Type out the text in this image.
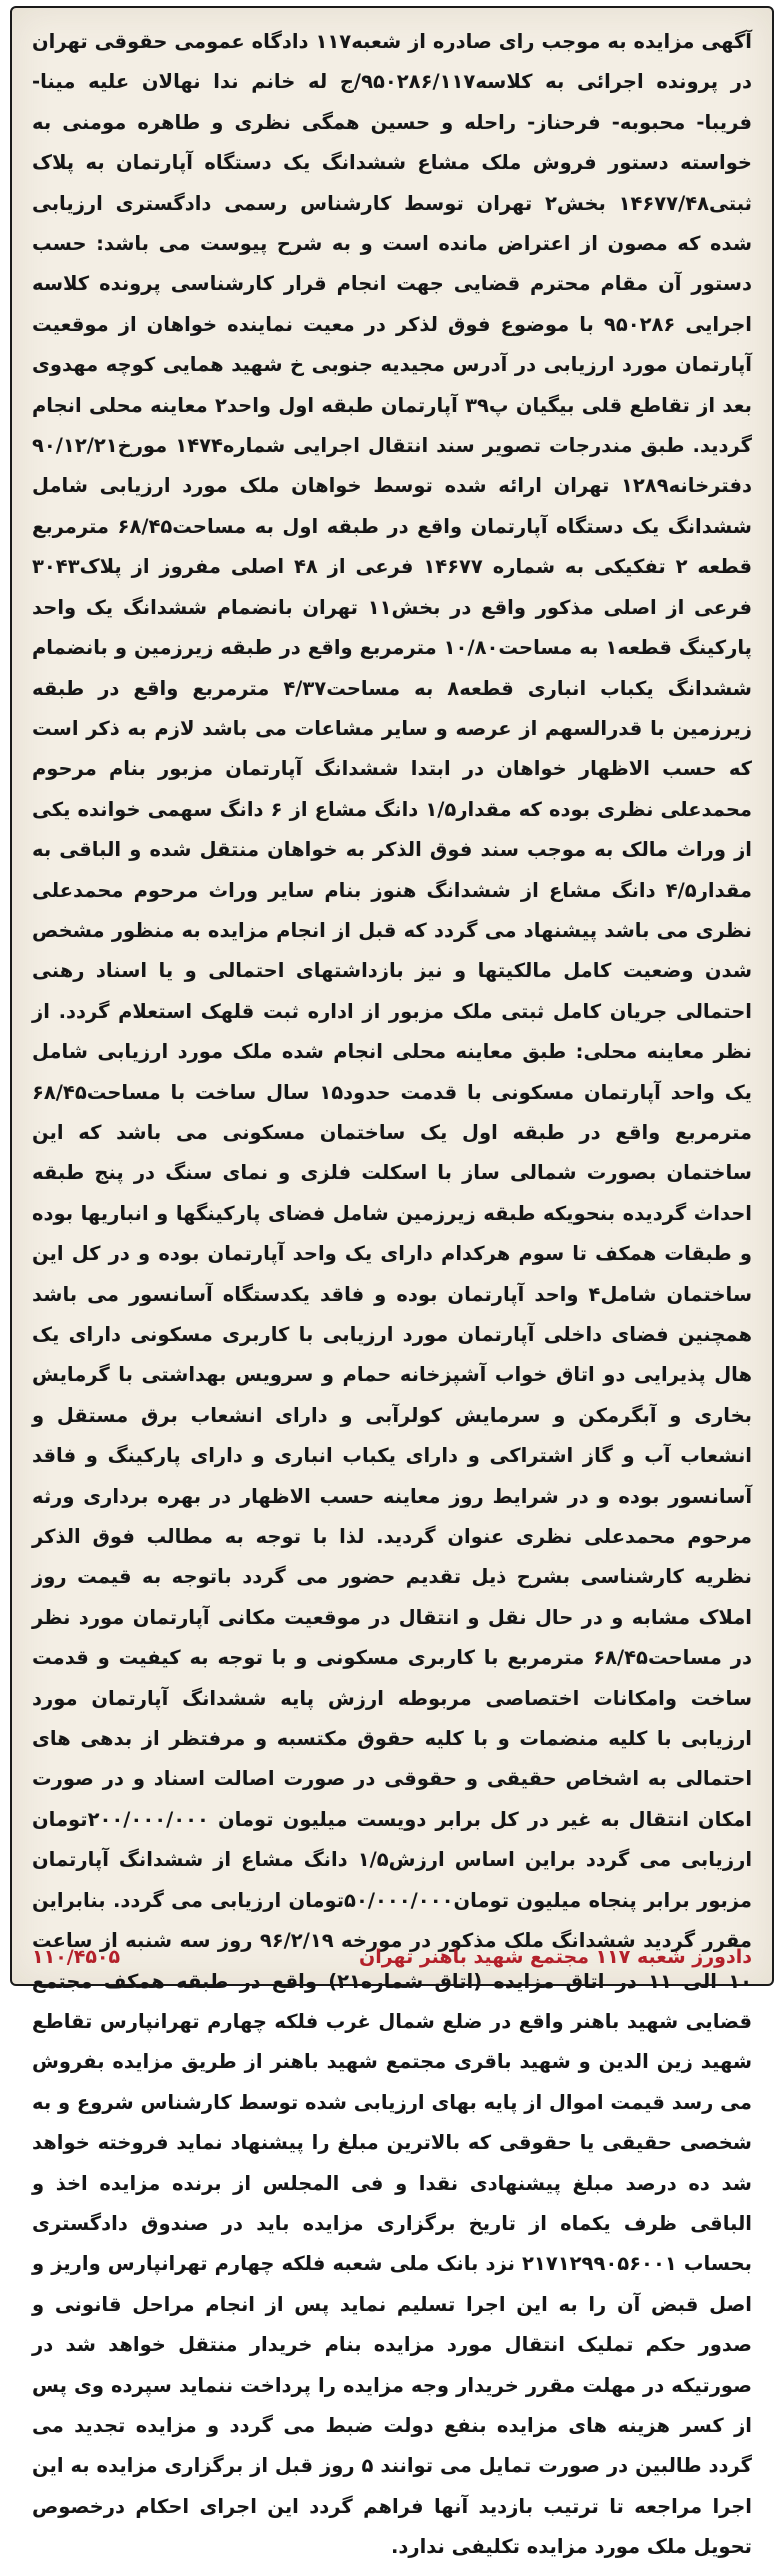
آگهی مزایده به موجب رای صادره از شعبه۱۱۷ دادگاه عمومی حقوقی تهران در پرونده اجرائی به کلاسه۹۵۰۲۸۶/۱۱۷/ج له خانم ندا نهالان علیه مینا- فریبا- محبوبه- فرحناز- راحله و حسین همگی نظری و طاهره مومنی به خواسته دستور فروش ملک مشاع ششدانگ یک دستگاه آپارتمان به پلاک ثبتی۱۴۶۷۷/۴۸ بخش۲ تهران توسط کارشناس رسمی دادگستری ارزیابی شده که مصون از اعتراض مانده است و به شرح پیوست می باشد: حسب دستور آن مقام محترم قضایی جهت انجام قرار کارشناسی پرونده کلاسه اجرایی ۹۵۰۲۸۶ با موضوع فوق لذکر در معیت نماینده خواهان از موقعیت آپارتمان مورد ارزیابی در آدرس مجیدیه جنوبی خ شهید همایی کوچه مهدوی بعد از تقاطع قلی بیگیان پ۳۹ آپارتمان طبقه اول واحد۲ معاینه محلی انجام گردید. طبق مندرجات تصویر سند انتقال اجرایی شماره۱۴۷۴ مورخ۹۰/۱۲/۲۱ دفترخانه۱۲۸۹ تهران ارائه شده توسط خواهان ملک مورد ارزیابی شامل ششدانگ یک دستگاه آپارتمان واقع در طبقه اول به مساحت۶۸/۴۵ مترمربع قطعه ۲ تفکیکی به شماره ۱۴۶۷۷ فرعی از ۴۸ اصلی مفروز از پلاک۳۰۴۳ فرعی از اصلی مذکور واقع در بخش۱۱ تهران بانضمام ششدانگ یک واحد پارکینگ قطعه۱ به مساحت۱۰/۸۰ مترمربع واقع در طبقه زیرزمین و بانضمام ششدانگ یکباب انباری قطعه۸ به مساحت۴/۳۷ مترمربع واقع در طبقه زیرزمین با قدرالسهم از عرصه و سایر مشاعات می باشد لازم به ذکر است که حسب الاظهار خواهان در ابتدا ششدانگ آپارتمان مزبور بنام مرحوم محمدعلی نظری بوده که مقدار۱/۵ دانگ مشاع از ۶ دانگ سهمی خوانده یکی از وراث مالک به موجب سند فوق الذکر به خواهان منتقل شده و الباقی به مقدار۴/۵ دانگ مشاع از ششدانگ هنوز بنام سایر وراث مرحوم محمدعلی نظری می باشد پیشنهاد می گردد که قبل از انجام مزایده به منظور مشخص شدن وضعیت کامل مالکیتها و نیز بازداشتهای احتمالی و یا اسناد رهنی احتمالی جریان کامل ثبتی ملک مزبور از اداره ثبت قلهک استعلام گردد. از نظر معاینه محلی: طبق معاینه محلی انجام شده ملک مورد ارزیابی شامل یک واحد آپارتمان مسکونی با قدمت حدود۱۵ سال ساخت با مساحت۶۸/۴۵ مترمربع واقع در طبقه اول یک ساختمان مسکونی می باشد که این ساختمان بصورت شمالی ساز با اسکلت فلزی و نمای سنگ در پنج طبقه احداث گردیده بنحویکه طبقه زیرزمین شامل فضای پارکینگها و انباریها بوده و طبقات همکف تا سوم هرکدام دارای یک واحد آپارتمان بوده و در کل این ساختمان شامل۴ واحد آپارتمان بوده و فاقد یکدستگاه آسانسور می باشد همچنین فضای داخلی آپارتمان مورد ارزیابی با کاربری مسکونی دارای یک هال پذیرایی دو اتاق خواب آشپزخانه حمام و سرویس بهداشتی با گرمایش بخاری و آبگرمکن و سرمایش کولرآبی و دارای انشعاب برق مستقل و انشعاب آب و گاز اشتراکی و دارای یکباب انباری و دارای پارکینگ و فاقد آسانسور بوده و در شرایط روز معاینه حسب الاظهار در بهره برداری ورثه مرحوم محمدعلی نظری عنوان گردید. لذا با توجه به مطالب فوق الذکر نظریه کارشناسی بشرح ذیل تقدیم حضور می گردد باتوجه به قیمت روز املاک مشابه و در حال نقل و انتقال در موقعیت مکانی آپارتمان مورد نظر در مساحت۶۸/۴۵ مترمربع با کاربری مسکونی و با توجه به کیفیت و قدمت ساخت وامکانات اختصاصی مربوطه ارزش پایه ششدانگ آپارتمان مورد ارزیابی با کلیه منضمات و با کلیه حقوق مکتسبه و مرفتظر از بدهی های احتمالی به اشخاص حقیقی و حقوقی در صورت اصالت اسناد و در صورت امکان انتقال به غیر در کل برابر دویست میلیون تومان ۲۰۰/۰۰۰/۰۰۰تومان ارزیابی می گردد براین اساس ارزش۱/۵ دانگ مشاع از ششدانگ آپارتمان مزبور برابر پنجاه میلیون تومان۵۰/۰۰۰/۰۰۰تومان ارزیابی می گردد. بنابراین مقرر گردید ششدانگ ملک مذکور در مورخه ۹۶/۲/۱۹ روز سه شنبه از ساعت ۱۰ الی ۱۱ در اتاق مزایده (اتاق شماره۲۱) واقع در طبقه همکف مجتمع قضایی شهید باهنر واقع در ضلع شمال غرب فلکه چهارم تهرانپارس تقاطع شهید زین الدین و شهید باقری مجتمع شهید باهنر از طریق مزایده بفروش می رسد قیمت اموال از پایه بهای ارزیابی شده توسط کارشناس شروع و به شخصی حقیقی یا حقوقی که بالاترین مبلغ را پیشنهاد نماید فروخته خواهد شد ده درصد مبلغ پیشنهادی نقدا و فی المجلس از برنده مزایده اخذ و الباقی ظرف یکماه از تاریخ برگزاری مزایده باید در صندوق دادگستری بحساب ۲۱۷۱۲۹۹۰۵۶۰۰۱ نزد بانک ملی شعبه فلکه چهارم تهرانپارس واریز و اصل قبض آن را به این اجرا تسلیم نماید پس از انجام مراحل قانونی و صدور حکم تملیک انتقال مورد مزایده بنام خریدار منتقل خواهد شد در صورتیکه در مهلت مقرر خریدار وجه مزایده را پرداخت ننماید سپرده وی پس از کسر هزینه های مزایده بنفع دولت ضبط می گردد و مزایده تجدید می گردد طالبین در صورت تمایل می توانند ۵ روز قبل از برگزاری مزایده به این اجرا مراجعه تا ترتیب بازدید آنها فراهم گردد این اجرای احکام درخصوص تحویل ملک مورد مزایده تکلیفی ندارد.

دادورز شعبه ۱۱۷ مجتمع شهید باهنر تهران
۱۱۰/۴۵۰۵
